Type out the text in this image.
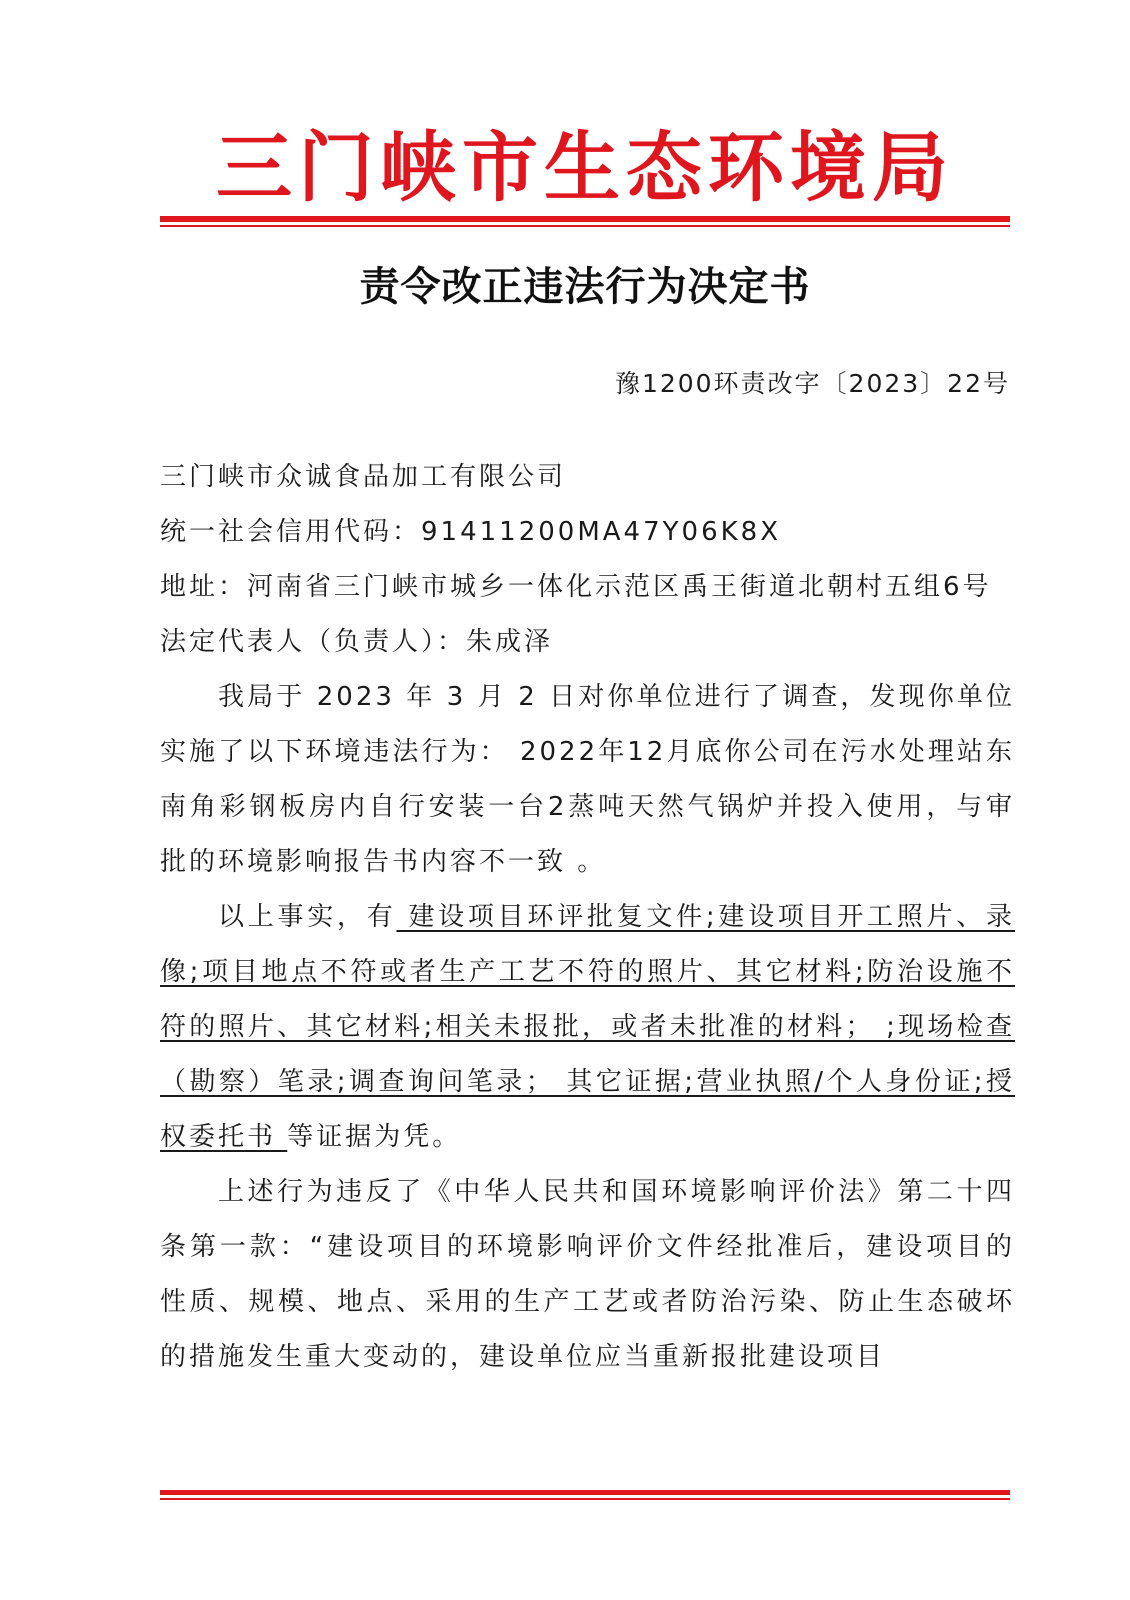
三门峡市生态环境局
责令改正违法行为决定书
豫1200环责改字〔2023〕22号

三门峡市众诚食品加工有限公司

统一社会信用代码：91411200MA47Y06K8X

地址：河南省三门峡市城乡一体化示范区禹王街道北朝村五组6号

法定代表人（负责人）：朱成泽

我局于 2023 年 3 月 2 日对你单位进行了调查，发现你单位实施了以下环境违法行为： 2022年12月底你公司在污水处理站东南角彩钢板房内自行安装一台2蒸吨天然气锅炉并投入使用，与审批的环境影响报告书内容不一致 。

以上事实，有 建设项目环评批复文件;建设项目开工照片、录像;项目地点不符或者生产工艺不符的照片、其它材料;防治设施不符的照片、其它材料;相关未报批，或者未批准的材料； ;现场检查（勘察）笔录;调查询问笔录； 其它证据;营业执照/个人身份证;授权委托书 等证据为凭。

上述行为违反了《中华人民共和国环境影响评价法》第二十四条第一款：“建设项目的环境影响评价文件经批准后，建设项目的性质、规模、地点、采用的生产工艺或者防治污染、防止生态破坏的措施发生重大变动的，建设单位应当重新报批建设项目
